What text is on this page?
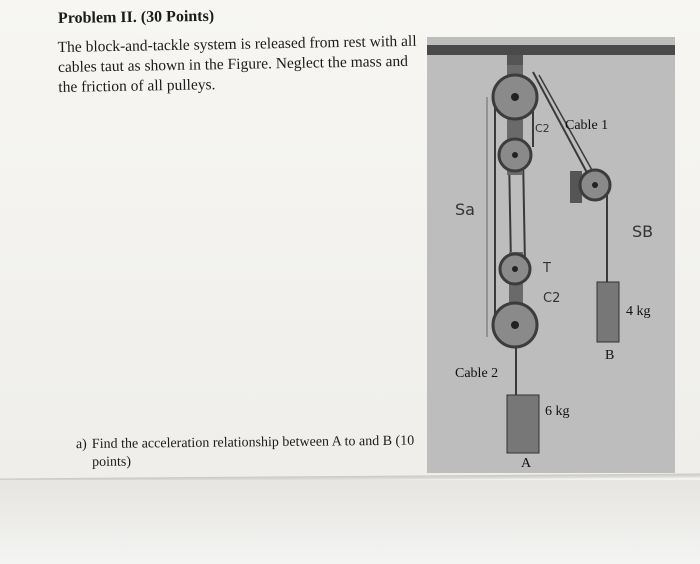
Problem II. (30 Points)
The block-and-tackle system is released from rest with all cables taut as shown in the Figure. Neglect the mass and the friction of all pulleys.
a) Find the acceleration relationship between A to and B (10 points)
Cable 1
Cable 2
4 kg
B
6 kg
A
Sa
SB
C2
T
C2
